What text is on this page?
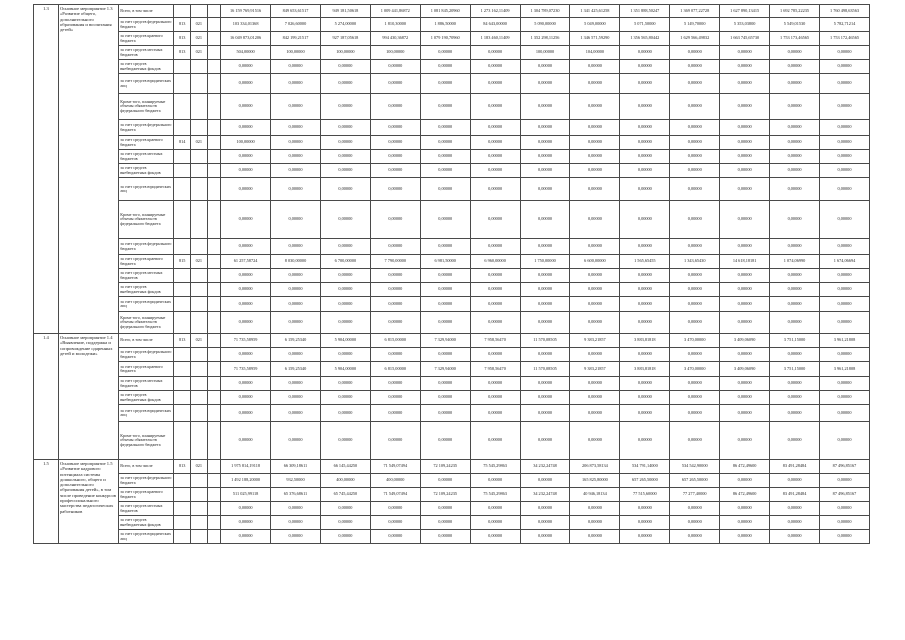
1.3	Основное мероприятие 1.3 «Развитие общего, дополнительного образования и воспитания детей»	Всего, в том числе				16 159 769,91516	849 653,61517	949 181,50618	1 009 441,86872	1 081 845,20960	1 273 162,11409	1 304 789,07230	1 341 425,61258	1 351 888,50247	1 369 077,22728	1 627 890,13415	1 692 785,22235	1 760 498,63563
		за счет средств федерального бюджета	813	021		103 334,01368	7 026,60000	5 274,00000	1 810,30000	1 886,50000	84 643,00000	5 090,00000	5 049,00000	5 071,50000	5 149,70000	5 353,03800	5 549,01530	5 782,71214
		за счет средств краевого бюджета	813	021		16 049 873,01206	842 199,21517	927 187,05618	994 430,36872	1 079 190,70960	1 183 460,11409	1 352 298,11256	1 346 571,59290	1 356 565,80442	1 629 566,49832	1 663 745,65730	1 753 173,46565	1 753 172,46565
		за счет средств местных бюджетов	813	021		504,00000	100,00000	100,00000	100,00000	0,00000	0,00000	100,00000	104,00000	0,00000	0,00000	0,00000	0,00000	0,00000
		за счет средств внебюджетных фондов				0,00000	0,00000	0,00000	0,00000	0,00000	0,00000	0,00000	0,00000	0,00000	0,00000	0,00000	0,00000	0,00000
		за счет средств юридических лиц				0,00000	0,00000	0,00000	0,00000	0,00000	0,00000	0,00000	0,00000	0,00000	0,00000	0,00000	0,00000	0,00000
		Кроме того, планируемые объемы обязательств федерального бюджета				0,00000	0,00000	0,00000	0,00000	0,00000	0,00000	0,00000	0,00000	0,00000	0,00000	0,00000	0,00000	0,00000
		за счет средств федерального бюджета				0,00000	0,00000	0,00000	0,00000	0,00000	0,00000	0,00000	0,00000	0,00000	0,00000	0,00000	0,00000	0,00000
		за счет средств краевого бюджета	814	021		100,00000	0,00000	0,00000	0,00000	0,00000	0,00000	0,00000	0,00000	0,00000	0,00000	0,00000	0,00000	0,00000
		за счет средств местных бюджетов				0,00000	0,00000	0,00000	0,00000	0,00000	0,00000	0,00000	0,00000	0,00000	0,00000	0,00000	0,00000	0,00000
		за счет средств внебюджетных фондов				0,00000	0,00000	0,00000	0,00000	0,00000	0,00000	0,00000	0,00000	0,00000	0,00000	0,00000	0,00000	0,00000
		за счет средств юридических лиц				0,00000	0,00000	0,00000	0,00000	0,00000	0,00000	0,00000	0,00000	0,00000	0,00000	0,00000	0,00000	0,00000
		Кроме того, планируемые объемы обязательств федерального бюджета				0,00000	0,00000	0,00000	0,00000	0,00000	0,00000	0,00000	0,00000	0,00000	0,00000	0,00000	0,00000	0,00000
		за счет средств федерального бюджета				0,00000	0,00000	0,00000	0,00000	0,00000	0,00000	0,00000	0,00000	0,00000	0,00000	0,00000	0,00000	0,00000
		за счет средств краевого бюджета	815	021		61 257,58724	8 030,00000	6 700,00000	7 790,00000	6 981,50000	6 960,00000	1 750,00000	6 600,00000	1 565,65455	1 343,65430	14 618,18181	1 074,06990	1 674,06694
		за счет средств местных бюджетов				0,00000	0,00000	0,00000	0,00000	0,00000	0,00000	0,00000	0,00000	0,00000	0,00000	0,00000	0,00000	0,00000
		за счет средств внебюджетных фондов				0,00000	0,00000	0,00000	0,00000	0,00000	0,00000	0,00000	0,00000	0,00000	0,00000	0,00000	0,00000	0,00000
		за счет средств юридических лиц				0,00000	0,00000	0,00000	0,00000	0,00000	0,00000	0,00000	0,00000	0,00000	0,00000	0,00000	0,00000	0,00000
		Кроме того, планируемые объемы обязательств федерального бюджета				0,00000	0,00000	0,00000	0,00000	0,00000	0,00000	0,00000	0,00000	0,00000	0,00000	0,00000	0,00000	0,00000
1.4	Основное мероприятие 1.4 «Выявление, поддержка и сопровождение одаренных детей и молодежи»	Всего, в том числе	813	021		71 735,58959	6 159,25340	5 904,00000	6 815,00000	7 329,94000	7 958,56470	11 570,08505	9 383,21857	3 883,81818	3 470,00000	3 409,06090	3 751,15000	3 961,21808
		за счет средств федерального бюджета				0,00000	0,00000	0,00000	0,00000	0,00000	0,00000	0,00000	0,00000	0,00000	0,00000	0,00000	0,00000	0,00000
		за счет средств краевого бюджета				71 735,58959	6 159,25340	5 904,00000	6 815,00000	7 329,94000	7 958,56470	11 570,08505	9 383,21857	3 883,81818	3 470,00000	3 409,06090	3 751,15000	3 961,21808
		за счет средств местных бюджетов				0,00000	0,00000	0,00000	0,00000	0,00000	0,00000	0,00000	0,00000	0,00000	0,00000	0,00000	0,00000	0,00000
		за счет средств внебюджетных фондов				0,00000	0,00000	0,00000	0,00000	0,00000	0,00000	0,00000	0,00000	0,00000	0,00000	0,00000	0,00000	0,00000
		за счет средств юридических лиц				0,00000	0,00000	0,00000	0,00000	0,00000	0,00000	0,00000	0,00000	0,00000	0,00000	0,00000	0,00000	0,00000
		Кроме того, планируемые объемы обязательств федерального бюджета				0,00000	0,00000	0,00000	0,00000	0,00000	0,00000	0,00000	0,00000	0,00000	0,00000	0,00000	0,00000	0,00000
1.5	Основное мероприятие 1.5 «Развитие кадрового потенциала системы дошкольного, общего и дополнительного образования детей», в том числе проведение конкурсов профессионального мастерства педагогических работников	Всего, в том числе	813	021		1 975 814,19118	66 309,18611	66 145,44250	71 549,07494	72 109,24235	75 545,29863	34 232,24748	206 873,58134	534 791,14000	534 542,90000	86 472,49600	83 491,28484	87 496,85167
		за счет средств федерального бюджета				1 492 188,20000	932,50000	400,00000	400,00000	0,00000	0,00000	0,00000	165 825,80000	657 265,50000	657 265,50000	0,00000	0,00000	0,00000
		за счет средств краевого бюджета				511 025,99118	65 376,68611	65 745,44250	71 549,07494	72 109,24235	75 545,29863	34 232,24748	40 946,18134	77 515,60000	77 277,40000	86 472,49600	83 491,28484	87 496,85167
		за счет средств местных бюджетов				0,00000	0,00000	0,00000	0,00000	0,00000	0,00000	0,00000	0,00000	0,00000	0,00000	0,00000	0,00000	0,00000
		за счет средств внебюджетных фондов				0,00000	0,00000	0,00000	0,00000	0,00000	0,00000	0,00000	0,00000	0,00000	0,00000	0,00000	0,00000	0,00000
		за счет средств юридических лиц				0,00000	0,00000	0,00000	0,00000	0,00000	0,00000	0,00000	0,00000	0,00000	0,00000	0,00000	0,00000	0,00000
